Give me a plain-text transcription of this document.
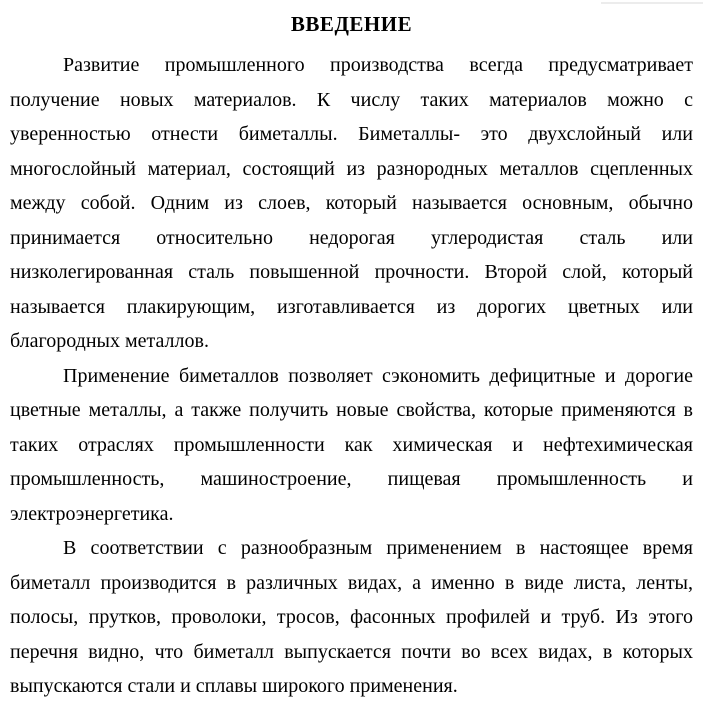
ВВЕДЕНИЕ
Развитие промышленного производства всегда предусматривает
получение новых материалов. К числу таких материалов можно с
уверенностью отнести биметаллы. Биметаллы- это двухслойный или
многослойный материал, состоящий из разнородных металлов сцепленных
между собой. Одним из слоев, который называется основным, обычно
принимается относительно недорогая углеродистая сталь или
низколегированная сталь повышенной прочности. Второй слой, который
называется плакирующим, изготавливается из дорогих цветных или
благородных металлов.
Применение биметаллов позволяет сэкономить дефицитные и дорогие
цветные металлы, а также получить новые свойства, которые применяются в
таких отраслях промышленности как химическая и нефтехимическая
промышленность, машиностроение, пищевая промышленность и
электроэнергетика.
В соответствии с разнообразным применением в настоящее время
биметалл производится в различных видах, а именно в виде листа, ленты,
полосы, прутков, проволоки, тросов, фасонных профилей и труб. Из этого
перечня видно, что биметалл выпускается почти во всех видах, в которых
выпускаются стали и сплавы широкого применения.
